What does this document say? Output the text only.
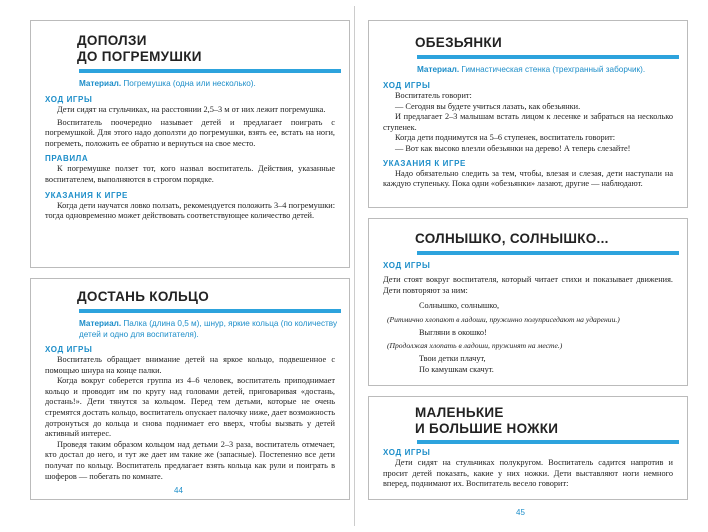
ДОПОЛЗИ
ДО ПОГРЕМУШКИ
Материал. Погремушка (одна или несколько).
ХОД ИГРЫ
Дети сидят на стульчиках, на расстоянии 2,5–3 м от них лежит погремушка.
Воспитатель поочередно называет детей и предлагает поиграть с погремушкой. Для этого надо доползти до погремушки, взять ее, встать на ноги, погреметь, положить ее обратно и вернуться на свое место.
ПРАВИЛА
К погремушке ползет тот, кого назвал воспитатель. Действия, указанные воспитателем, выполняются в строгом порядке.
УКАЗАНИЯ К ИГРЕ
Когда дети научатся ловко ползать, рекомендуется положить 3–4 погремушки: тогда одновременно может действовать соответствующее количество детей.
ДОСТАНЬ КОЛЬЦО
Материал. Палка (длина 0,5 м), шнур, яркие кольца (по количеству детей и одно для воспитателя).
ХОД ИГРЫ
Воспитатель обращает внимание детей на яркое кольцо, подвешенное с помощью шнура на конце палки.
Когда вокруг соберется группа из 4–6 человек, воспитатель приподнимает кольцо и проводит им по кругу над головами детей, приговаривая «достань, достань!». Дети тянутся за кольцом. Перед тем детьми, которые не очень стремятся достать кольцо, воспитатель опускает палочку ниже, дает возможность дотронуться до кольца и снова поднимает его вверх, чтобы вызвать у детей активный интерес.
Проведя таким образом кольцом над детьми 2–3 раза, воспитатель отмечает, кто достал до него, и тут же дает им такие же (запасные). Постепенно все дети получат по кольцу. Воспитатель предлагает взять кольца как рули и поиграть в шоферов — побегать по комнате.
44
ОБЕЗЬЯНКИ
Материал. Гимнастическая стенка (трехгранный заборчик).
ХОД ИГРЫ
Воспитатель говорит:
— Сегодня вы будете учиться лазать, как обезьянки.
И предлагает 2–3 малышам встать лицом к лесенке и забраться на несколько ступенек.
Когда дети поднимутся на 5–6 ступенек, воспитатель говорит:
— Вот как высоко влезли обезьянки на дерево! А теперь слезайте!
УКАЗАНИЯ К ИГРЕ
Надо обязательно следить за тем, чтобы, влезая и слезая, дети наступали на каждую ступеньку. Пока одни «обезьянки» лазают, другие — наблюдают.
СОЛНЫШКО, СОЛНЫШКО...
ХОД ИГРЫ
Дети стоят вокруг воспитателя, который читает стихи и показывает движения. Дети повторяют за ним:
Солнышко, солнышко,
(Ритмично хлопают в ладоши, пружинно полуприседают на ударении.)
Выгляни в окошко!
(Продолжая хлопать в ладоши, пружинят на месте.)
Твои детки плачут,
По камушкам скачут.
МАЛЕНЬКИЕ
И БОЛЬШИЕ НОЖКИ
ХОД ИГРЫ
Дети сидят на стульчиках полукругом. Воспитатель садится напротив и просит детей показать, какие у них ножки. Дети выставляют ноги немного вперед, поднимают их. Воспитатель весело говорит:
45
